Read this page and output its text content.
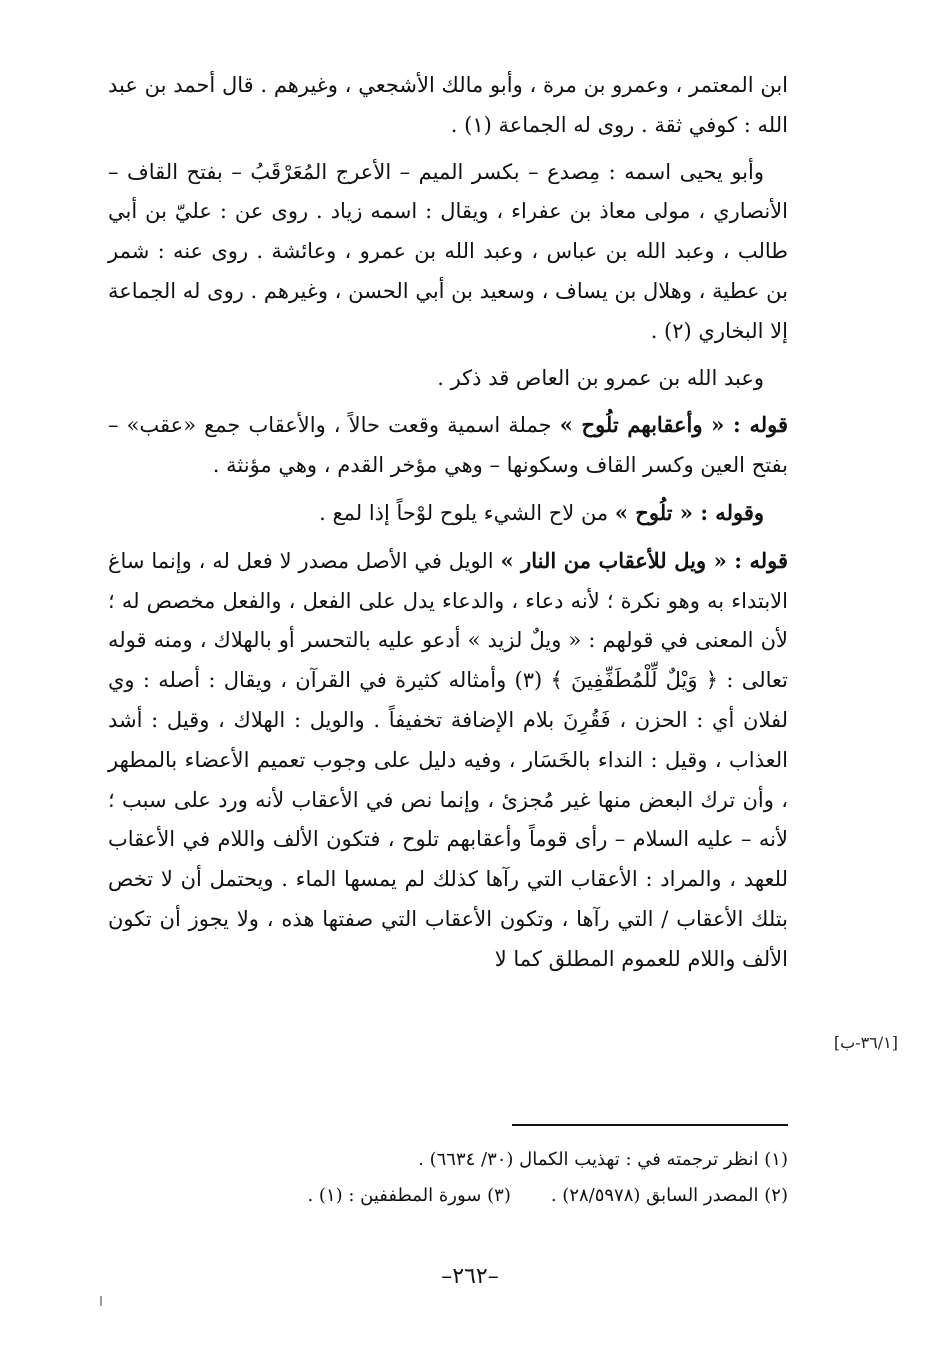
ابن المعتمر ، وعمرو بن مرة ، وأبو مالك الأشجعي ، وغيرهم . قال أحمد بن عبد الله : كوفي ثقة . روى له الجماعة (١) .

وأبو يحيى اسمه : مِصدع – بكسر الميم – الأعرج المُعَرْقَبُ – بفتح القاف – الأنصاري ، مولى معاذ بن عفراء ، ويقال : اسمه زياد . روى عن : عليّ بن أبي طالب ، وعبد الله بن عباس ، وعبد الله بن عمرو ، وعائشة . روى عنه : شمر بن عطية ، وهلال بن يساف ، وسعيد بن أبي الحسن ، وغيرهم . روى له الجماعة إلا البخاري (٢) .

وعبد الله بن عمرو بن العاص قد ذكر .

قوله : « وأعقابهم تلُوح » جملة اسمية وقعت حالاً ، والأعقاب جمع «عقب» – بفتح العين وكسر القاف وسكونها – وهي مؤخر القدم ، وهي مؤنثة .

وقوله : « تلُوح » من لاح الشيء يلوح لوْحاً إذا لمع .

قوله : « ويل للأعقاب من النار » الويل في الأصل مصدر لا فعل له ، وإنما ساغ الابتداء به وهو نكرة ؛ لأنه دعاء ، والدعاء يدل على الفعل ، والفعل مخصص له ؛ لأن المعنى في قولهم : « ويلٌ لزيد » أدعو عليه بالتحسر أو بالهلاك ، ومنه قوله تعالى : ﴿ وَيْلٌ لِّلْمُطَفِّفِينَ ﴾ (٣) وأمثاله كثيرة في القرآن ، ويقال : أصله : وي لفلان أي : الحزن ، فَقُرِنَ بلام الإضافة تخفيفاً . والويل : الهلاك ، وقيل : أشد العذاب ، وقيل : النداء بالخَسَار ، وفيه دليل على وجوب تعميم الأعضاء بالمطهر ، وأن ترك البعض منها غير مُجزئ ، وإنما نص في الأعقاب لأنه ورد على سبب ؛ لأنه – عليه السلام – رأى قوماً وأعقابهم تلوح ، فتكون الألف واللام في الأعقاب للعهد ، والمراد : الأعقاب التي رآها كذلك لم يمسها الماء . ويحتمل أن لا تخص بتلك الأعقاب / التي رآها ، وتكون الأعقاب التي صفتها هذه ، ولا يجوز أن تكون الألف واللام للعموم المطلق كما لا

[٣٦/١-ب]

(١) انظر ترجمته في : تهذيب الكمال (٣٠/ ٦٦٣٤) .

(٢) المصدر السابق (٢٨/٥٩٧٨) .
(٣) سورة المطففين : (١) .
–٢٦٢–
